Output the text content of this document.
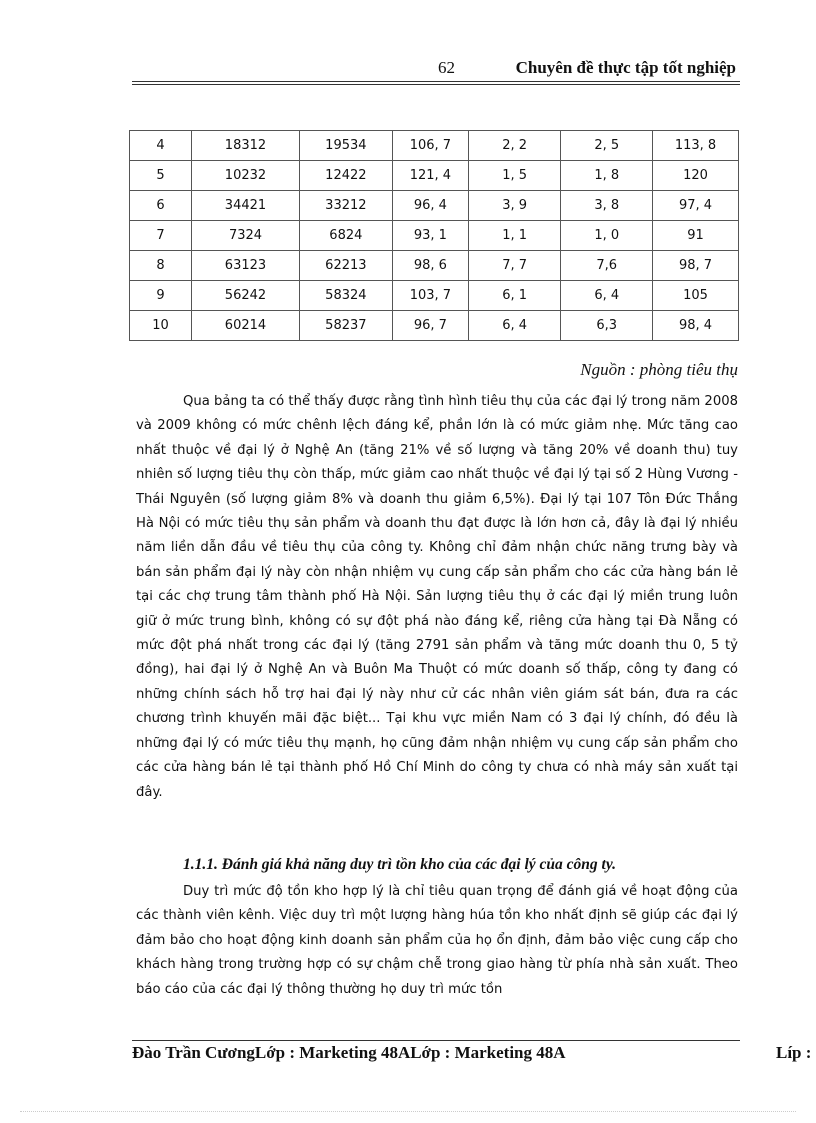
62	Chuyên đề thực tập tốt nghiệp
4	18312	19534	106, 7	2, 2	2, 5	113, 8
5	10232	12422	121, 4	1, 5	1, 8	120
6	34421	33212	96, 4	3, 9	3, 8	97, 4
7	7324	6824	93, 1	1, 1	1, 0	91
8	63123	62213	98, 6	7, 7	7,6	98, 7
9	56242	58324	103, 7	6, 1	6, 4	105
10	60214	58237	96, 7	6, 4	6,3	98, 4
Nguồn : phòng tiêu thụ

Qua bảng ta có thể thấy được rằng tình hình tiêu thụ của các đại lý trong năm 2008 và 2009 không có mức chênh lệch đáng kể, phần lớn là có mức giảm nhẹ. Mức tăng cao nhất thuộc về đại lý ở Nghệ An (tăng 21% về số lượng và tăng 20% về doanh thu) tuy nhiên số lượng tiêu thụ còn thấp, mức giảm cao nhất thuộc về đại lý tại số 2 Hùng Vương - Thái Nguyên (số lượng giảm 8% và doanh thu giảm 6,5%). Đại lý tại 107 Tôn Đức Thắng Hà Nội có mức tiêu thụ sản phẩm và doanh thu đạt được là lớn hơn cả, đây là đại lý nhiều năm liền dẫn đầu về tiêu thụ của công ty. Không chỉ đảm nhận chức năng trưng bày và bán sản phẩm đại lý này còn nhận nhiệm vụ cung cấp sản phẩm cho các cửa hàng bán lẻ tại các chợ trung tâm thành phố Hà Nội. Sản lượng tiêu thụ ở các đại lý miền trung luôn giữ ở mức trung bình, không có sự đột phá nào đáng kể, riêng cửa hàng tại Đà Nẵng có mức đột phá nhất trong các đại lý (tăng 2791 sản phẩm và tăng mức doanh thu 0, 5 tỷ đồng), hai đại lý ở Nghệ An và Buôn Ma Thuột có mức doanh số thấp, công ty đang có những chính sách hỗ trợ hai đại lý này như cử các nhân viên giám sát bán, đưa ra các chương trình khuyến mãi đặc biệt... Tại khu vực miền Nam có 3 đại lý chính, đó đều là những đại lý có mức tiêu thụ mạnh, họ cũng đảm nhận nhiệm vụ cung cấp sản phẩm cho các cửa hàng bán lẻ tại thành phố Hồ Chí Minh do công ty chưa có nhà máy sản xuất tại đây.

1.1.1. Đánh giá khả năng duy trì tồn kho của các đại lý của công ty.

Duy trì mức độ tồn kho hợp lý là chỉ tiêu quan trọng để đánh giá về hoạt động của các thành viên kênh. Việc duy trì một lượng hàng húa tồn kho nhất định sẽ giúp các đại lý đảm bảo cho hoạt động kinh doanh sản phẩm của họ ổn định, đảm bảo việc cung cấp cho khách hàng trong trường hợp có sự chậm chễ trong giao hàng từ phía nhà sản xuất. Theo báo cáo của các đại lý thông thường họ duy trì mức tồn

Đào Trần CươngLớp : Marketing 48ALớp : Marketing 48A	Líp :
